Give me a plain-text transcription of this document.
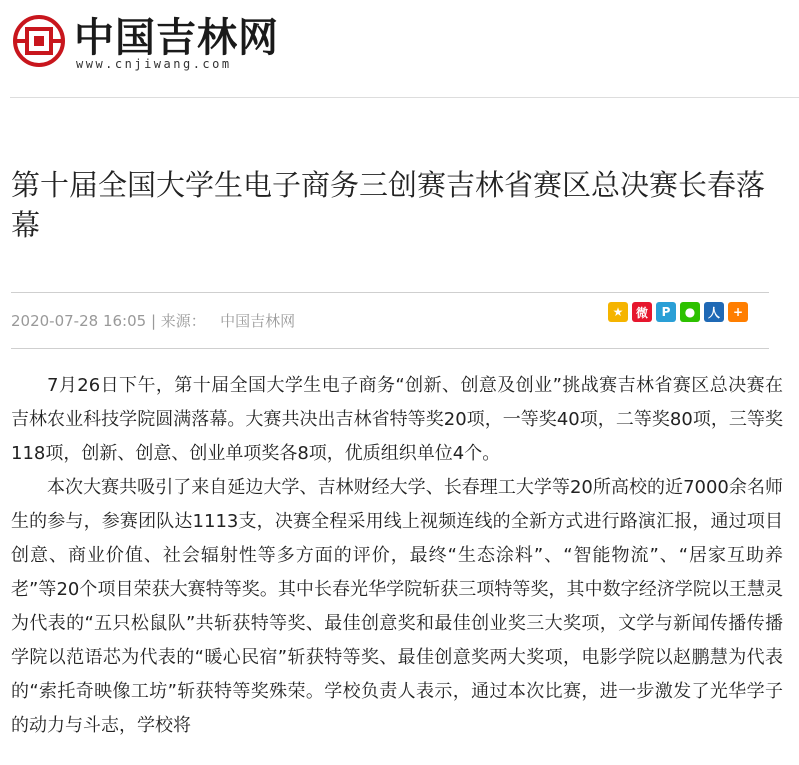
中国吉林网
www.cnjiwang.com
第十届全国大学生电子商务三创赛吉林省赛区总决赛长春落幕
2020-07-28 16:05 | 来源： 中国吉林网	★	微	P	●	人	+

7月26日下午，第十届全国大学生电子商务“创新、创意及创业”挑战赛吉林省赛区总决赛在吉林农业科技学院圆满落幕。大赛共决出吉林省特等奖20项，一等奖40项，二等奖80项，三等奖118项，创新、创意、创业单项奖各8项，优质组织单位4个。

本次大赛共吸引了来自延边大学、吉林财经大学、长春理工大学等20所高校的近7000余名师生的参与，参赛团队达1113支，决赛全程采用线上视频连线的全新方式进行路演汇报，通过项目创意、商业价值、社会辐射性等多方面的评价，最终“生态涂料”、“智能物流”、“居家互助养老”等20个项目荣获大赛特等奖。其中长春光华学院斩获三项特等奖，其中数字经济学院以王慧灵为代表的“五只松鼠队”共斩获特等奖、最佳创意奖和最佳创业奖三大奖项，文学与新闻传播传播学院以范语芯为代表的“暖心民宿”斩获特等奖、最佳创意奖两大奖项，电影学院以赵鹏慧为代表的“索托奇映像工坊”斩获特等奖殊荣。学校负责人表示，通过本次比赛，进一步激发了光华学子的动力与斗志，学校将
